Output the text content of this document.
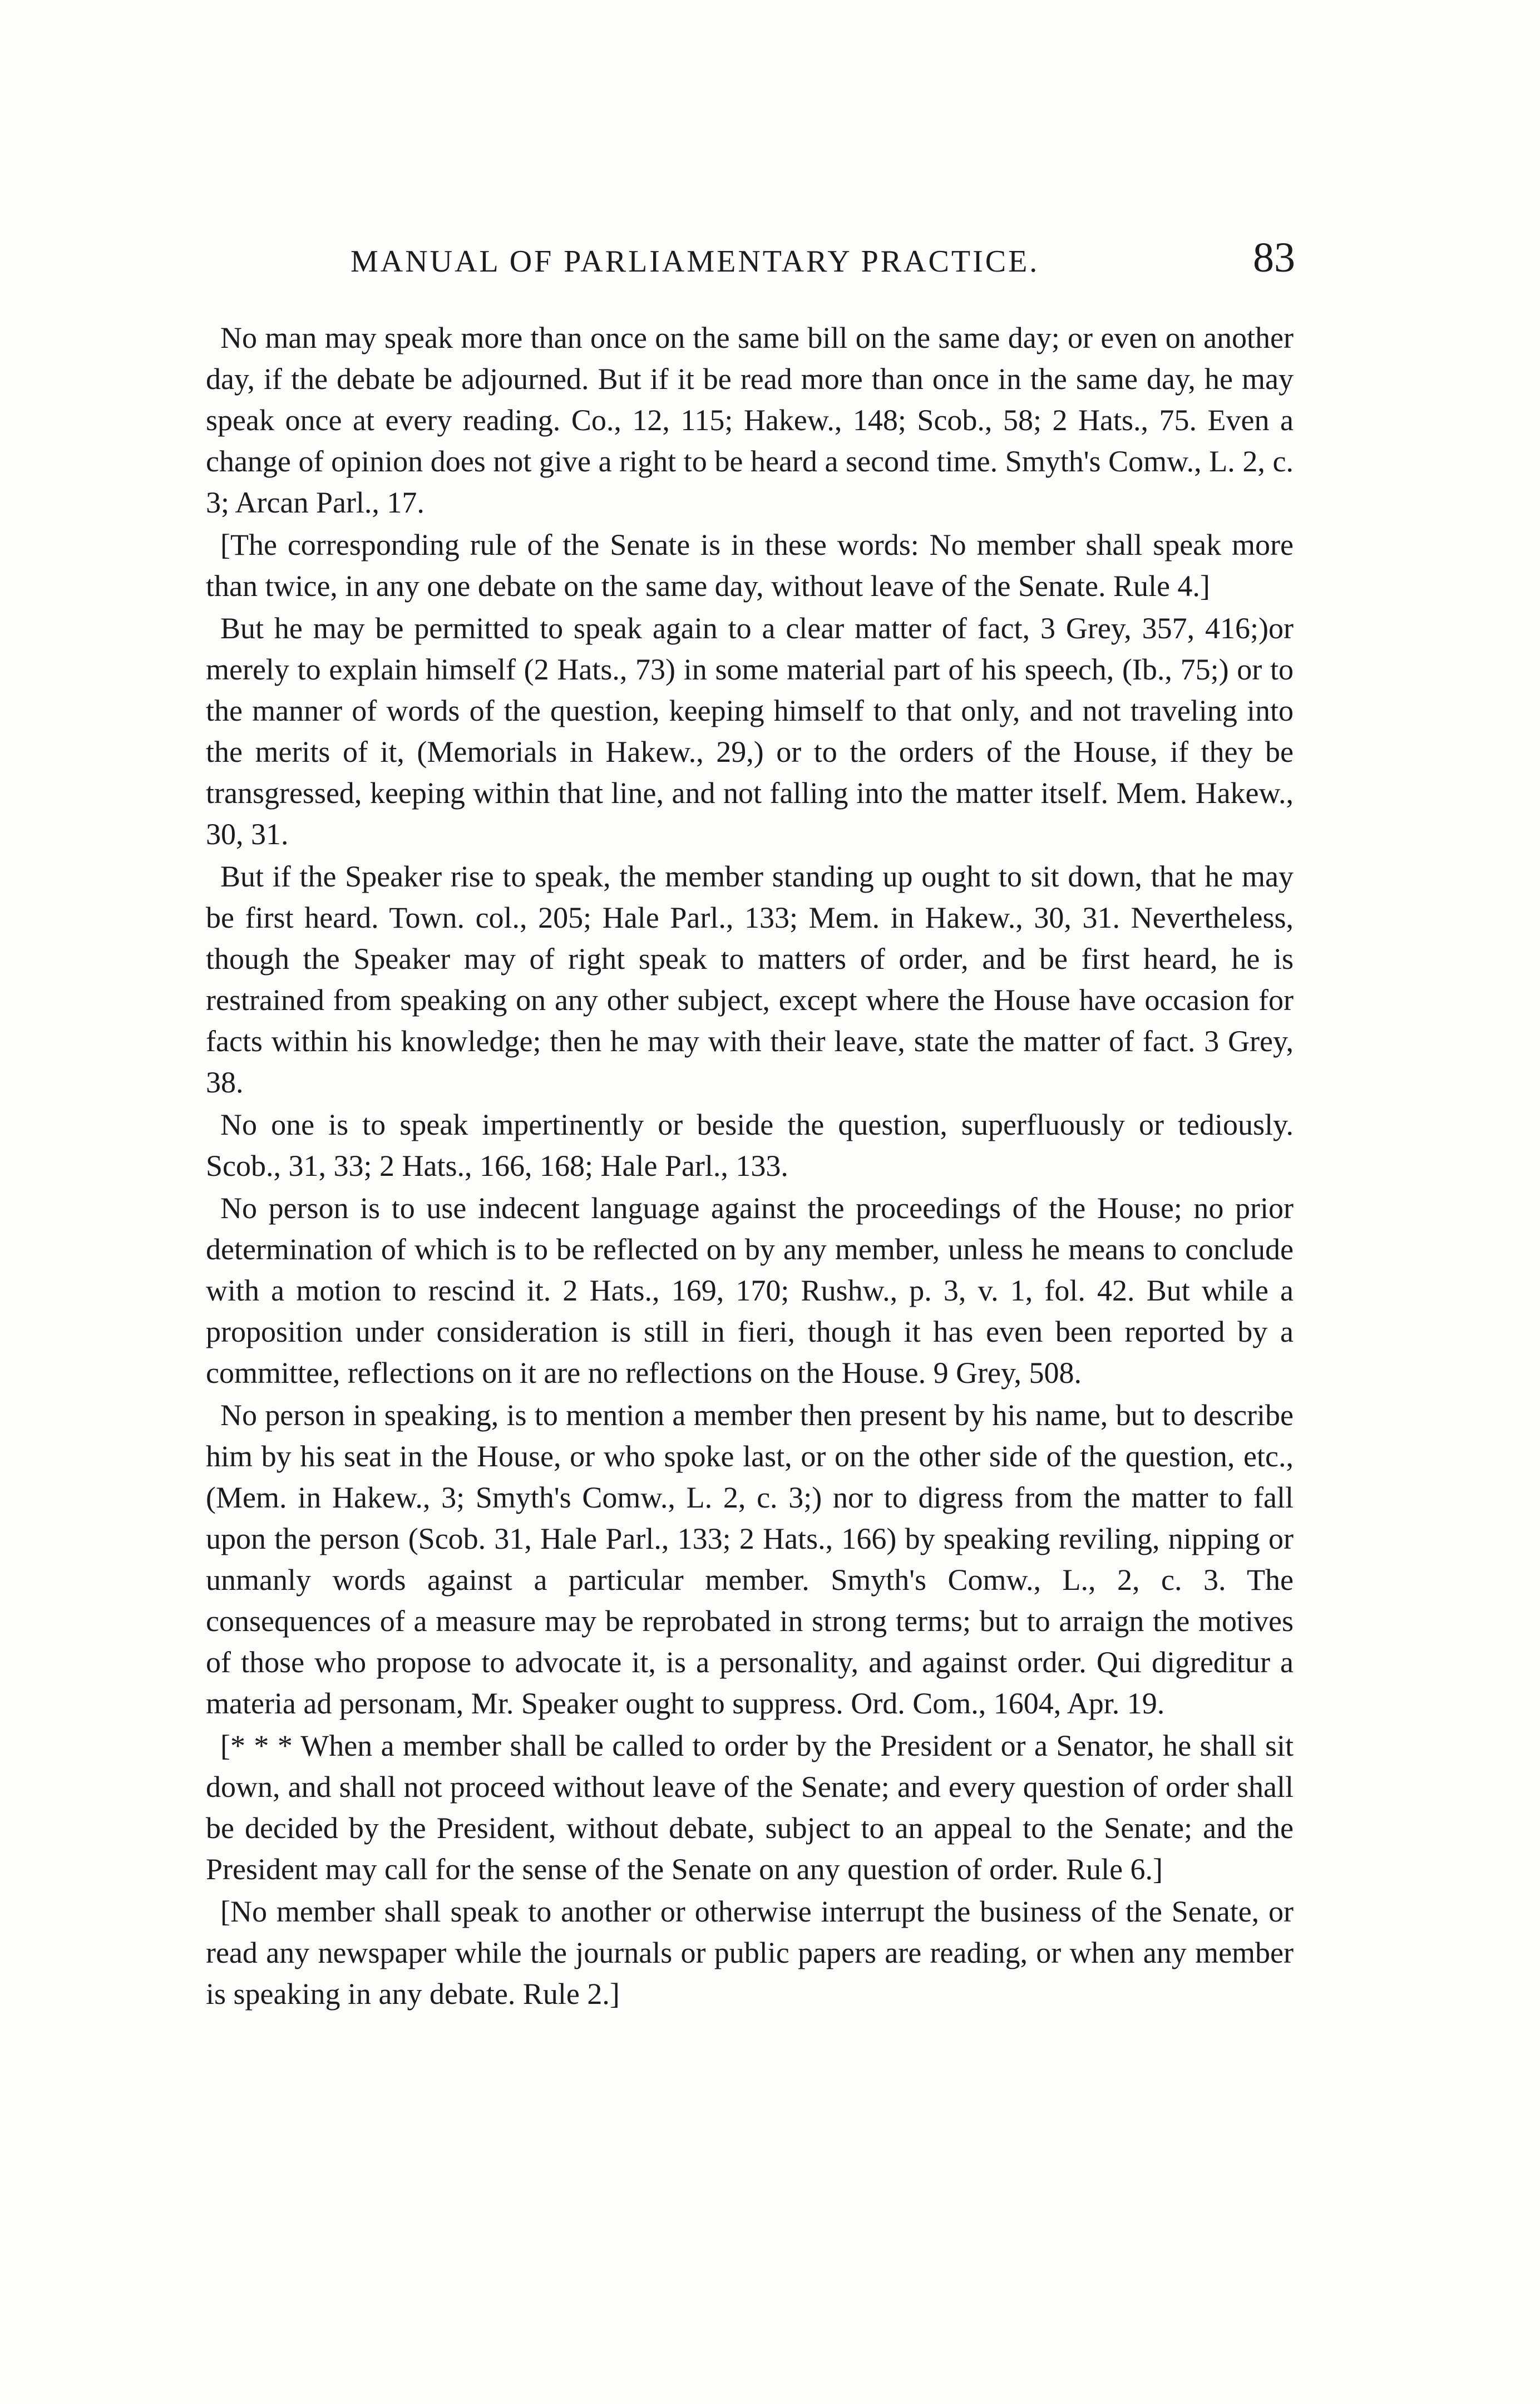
MANUAL OF PARLIAMENTARY PRACTICE.	83

No man may speak more than once on the same bill on the same day; or even on another day, if the debate be adjourned. But if it be read more than once in the same day, he may speak once at every reading. Co., 12, 115; Hakew., 148; Scob., 58; 2 Hats., 75. Even a change of opinion does not give a right to be heard a second time. Smyth's Comw., L. 2, c. 3; Arcan Parl., 17.

[The corresponding rule of the Senate is in these words: No member shall speak more than twice, in any one debate on the same day, without leave of the Senate. Rule 4.]

But he may be permitted to speak again to a clear matter of fact, 3 Grey, 357, 416;)or merely to explain himself (2 Hats., 73) in some material part of his speech, (Ib., 75;) or to the manner of words of the question, keeping himself to that only, and not traveling into the merits of it, (Memorials in Hakew., 29,) or to the orders of the House, if they be transgressed, keeping within that line, and not falling into the matter itself. Mem. Hakew., 30, 31.

But if the Speaker rise to speak, the member standing up ought to sit down, that he may be first heard. Town. col., 205; Hale Parl., 133; Mem. in Hakew., 30, 31. Nevertheless, though the Speaker may of right speak to matters of order, and be first heard, he is restrained from speaking on any other subject, except where the House have occasion for facts within his knowledge; then he may with their leave, state the matter of fact. 3 Grey, 38.

No one is to speak impertinently or beside the question, superfluously or tediously. Scob., 31, 33; 2 Hats., 166, 168; Hale Parl., 133.

No person is to use indecent language against the proceedings of the House; no prior determination of which is to be reflected on by any member, unless he means to conclude with a motion to rescind it. 2 Hats., 169, 170; Rushw., p. 3, v. 1, fol. 42. But while a proposition under consideration is still in fieri, though it has even been reported by a committee, reflections on it are no reflections on the House. 9 Grey, 508.

No person in speaking, is to mention a member then present by his name, but to describe him by his seat in the House, or who spoke last, or on the other side of the question, etc., (Mem. in Hakew., 3; Smyth's Comw., L. 2, c. 3;) nor to digress from the matter to fall upon the person (Scob. 31, Hale Parl., 133; 2 Hats., 166) by speaking reviling, nipping or unmanly words against a particular member. Smyth's Comw., L., 2, c. 3. The consequences of a measure may be reprobated in strong terms; but to arraign the motives of those who propose to advocate it, is a personality, and against order. Qui digreditur a materia ad personam, Mr. Speaker ought to suppress. Ord. Com., 1604, Apr. 19.

[* * * When a member shall be called to order by the President or a Senator, he shall sit down, and shall not proceed without leave of the Senate; and every question of order shall be decided by the President, without debate, subject to an appeal to the Senate; and the President may call for the sense of the Senate on any question of order. Rule 6.]

[No member shall speak to another or otherwise interrupt the business of the Senate, or read any newspaper while the journals or public papers are reading, or when any member is speaking in any debate. Rule 2.]
